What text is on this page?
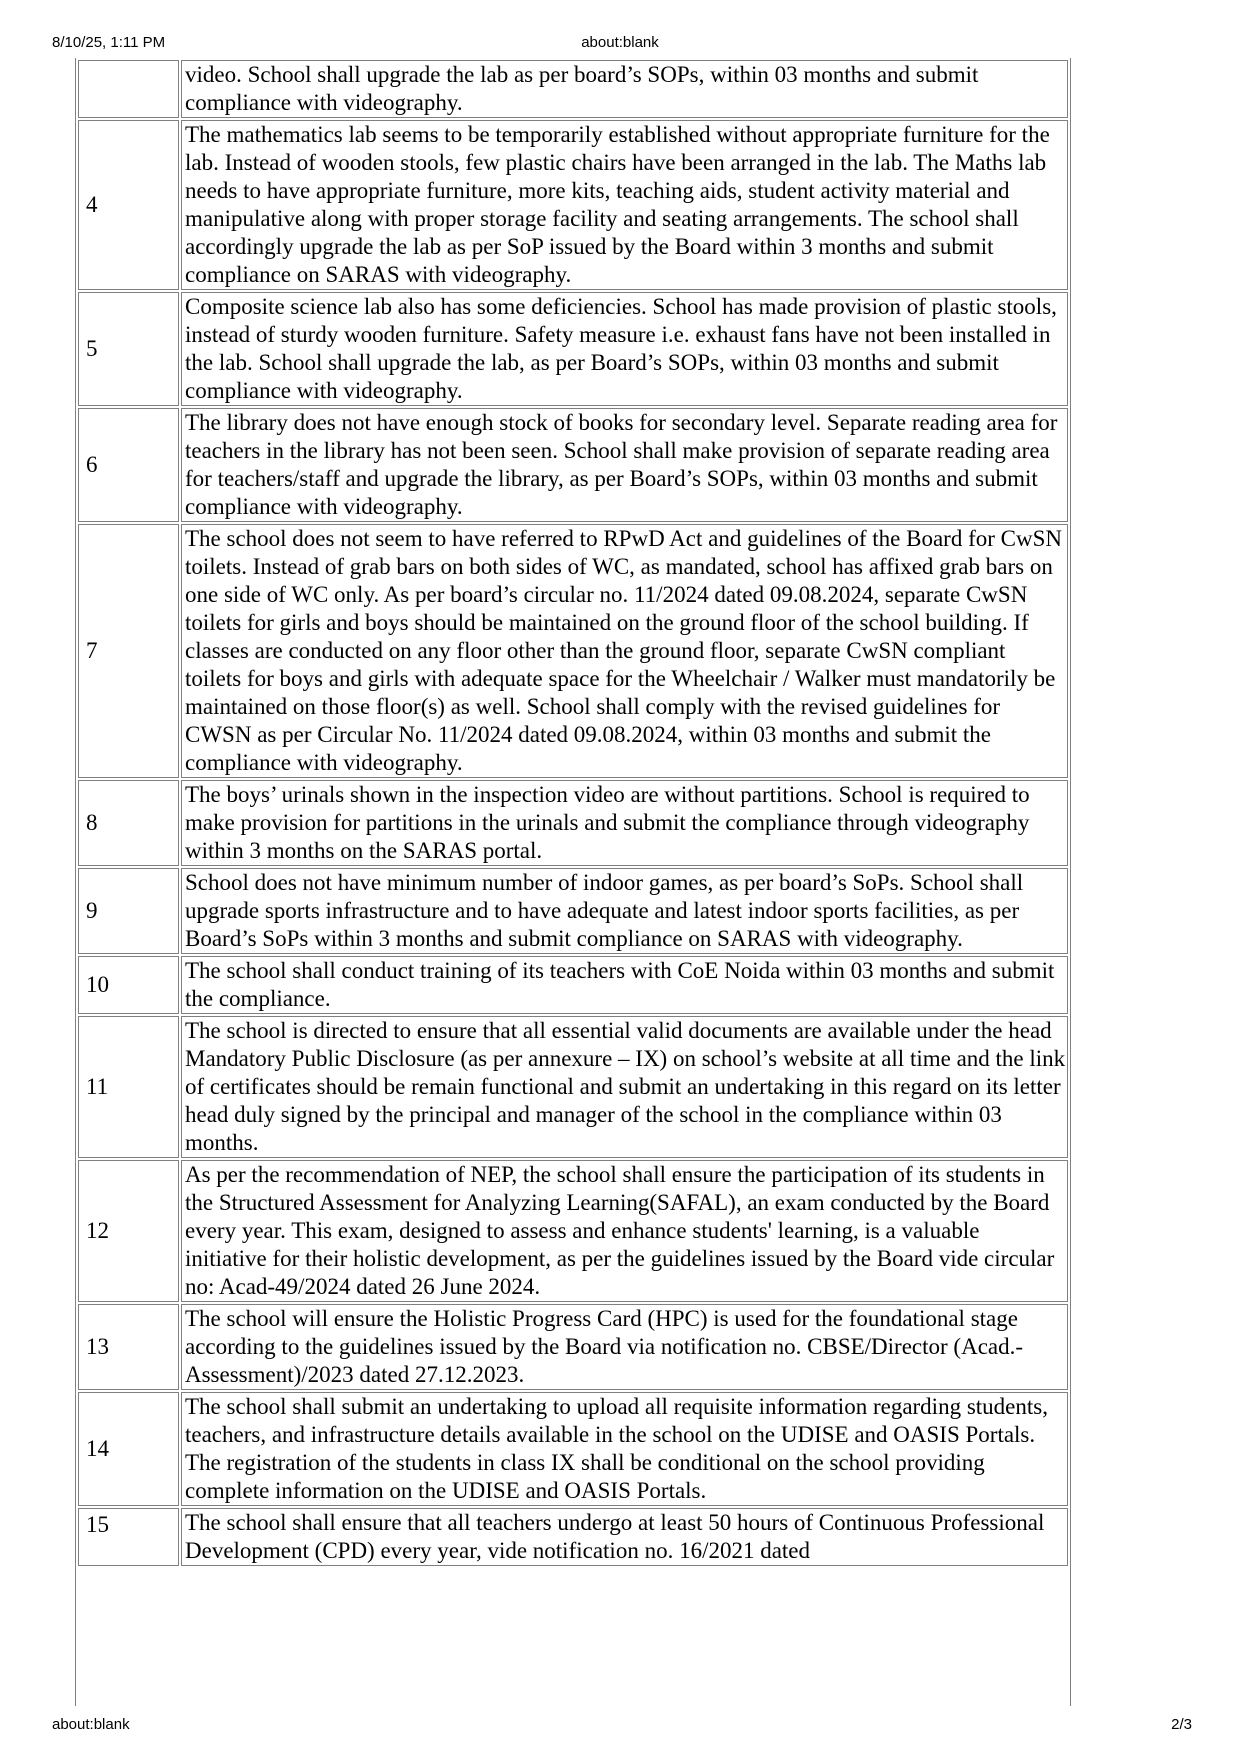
8/10/25, 1:11 PM	about:blank
	video. School shall upgrade the lab as per board’s SOPs, within 03 months and submit compliance with videography.
4	The mathematics lab seems to be temporarily established without appropriate furniture for the lab. Instead of wooden stools, few plastic chairs have been arranged in the lab. The Maths lab needs to have appropriate furniture, more kits, teaching aids, student activity material and manipulative along with proper storage facility and seating arrangements. The school shall accordingly upgrade the lab as per SoP issued by the Board within 3 months and submit compliance on SARAS with videography.
5	Composite science lab also has some deficiencies. School has made provision of plastic stools, instead of sturdy wooden furniture. Safety measure i.e. exhaust fans have not been installed in the lab. School shall upgrade the lab, as per Board’s SOPs, within 03 months and submit compliance with videography.
6	The library does not have enough stock of books for secondary level. Separate reading area for teachers in the library has not been seen. School shall make provision of separate reading area for teachers/staff and upgrade the library, as per Board’s SOPs, within 03 months and submit compliance with videography.
7	The school does not seem to have referred to RPwD Act and guidelines of the Board for CwSN toilets. Instead of grab bars on both sides of WC, as mandated, school has affixed grab bars on one side of WC only. As per board’s circular no. 11/2024 dated 09.08.2024, separate CwSN toilets for girls and boys should be maintained on the ground floor of the school building. If classes are conducted on any floor other than the ground floor, separate CwSN compliant toilets for boys and girls with adequate space for the Wheelchair / Walker must mandatorily be maintained on those floor(s) as well. School shall comply with the revised guidelines for CWSN as per Circular No. 11/2024 dated 09.08.2024, within 03 months and submit the compliance with videography.
8	The boys’ urinals shown in the inspection video are without partitions. School is required to make provision for partitions in the urinals and submit the compliance through videography within 3 months on the SARAS portal.
9	School does not have minimum number of indoor games, as per board’s SoPs. School shall upgrade sports infrastructure and to have adequate and latest indoor sports facilities, as per Board’s SoPs within 3 months and submit compliance on SARAS with videography.
10	The school shall conduct training of its teachers with CoE Noida within 03 months and submit the compliance.
11	The school is directed to ensure that all essential valid documents are available under the head Mandatory Public Disclosure (as per annexure – IX) on school’s website at all time and the link of certificates should be remain functional and submit an undertaking in this regard on its letter head duly signed by the principal and manager of the school in the compliance within 03 months.
12	As per the recommendation of NEP, the school shall ensure the participation of its students in the Structured Assessment for Analyzing Learning(SAFAL), an exam conducted by the Board every year. This exam, designed to assess and enhance students' learning, is a valuable initiative for their holistic development, as per the guidelines issued by the Board vide circular no: Acad-49/2024 dated 26 June 2024.
13	The school will ensure the Holistic Progress Card (HPC) is used for the foundational stage according to the guidelines issued by the Board via notification no. CBSE/Director (Acad.-Assessment)/2023 dated 27.12.2023.
14	The school shall submit an undertaking to upload all requisite information regarding students, teachers, and infrastructure details available in the school on the UDISE and OASIS Portals. The registration of the students in class IX shall be conditional on the school providing complete information on the UDISE and OASIS Portals.
15	The school shall ensure that all teachers undergo at least 50 hours of Continuous Professional Development (CPD) every year, vide notification no. 16/2021 dated
about:blank	2/3
